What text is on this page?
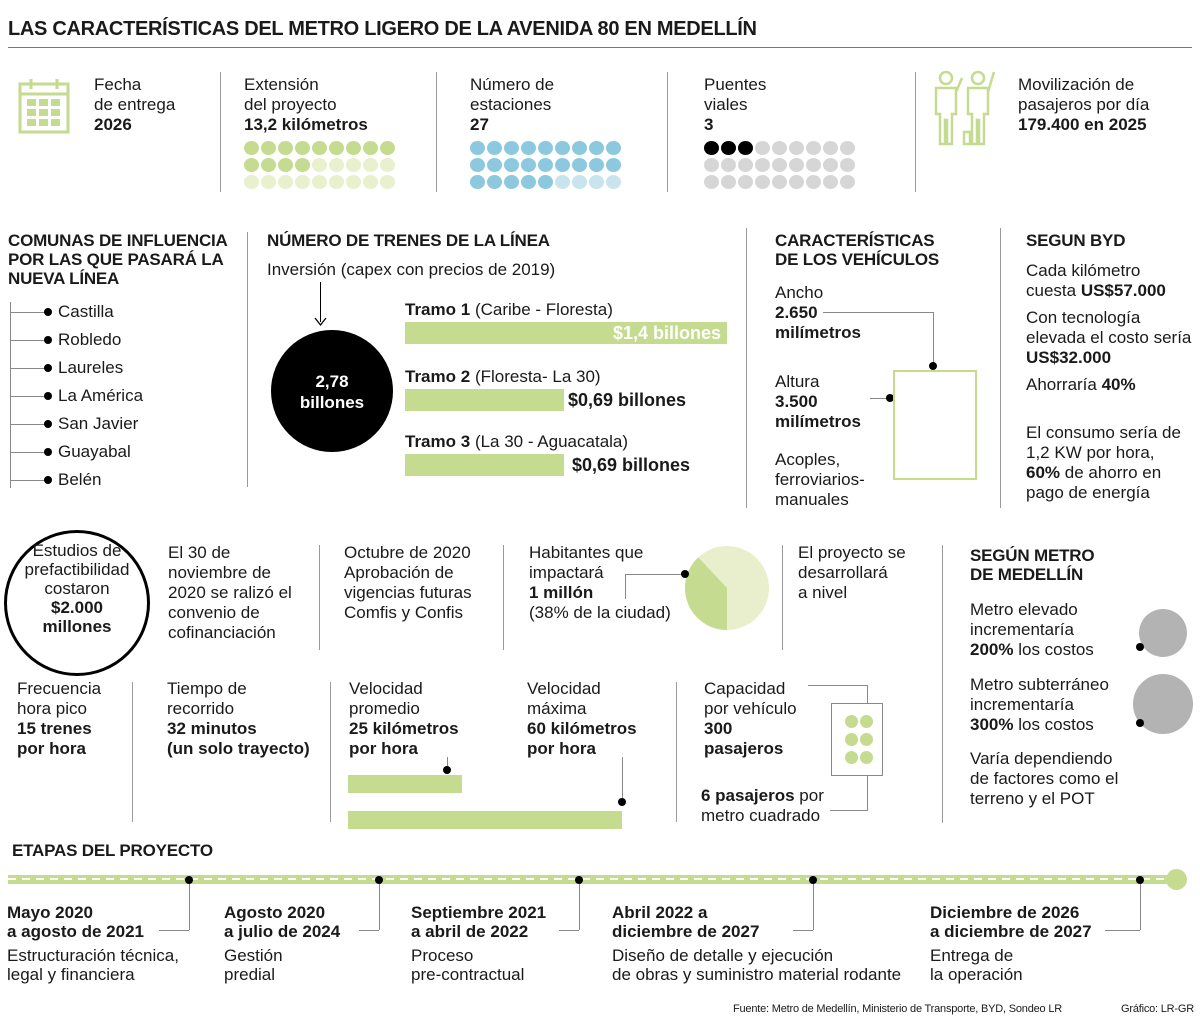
LAS CARACTERÍSTICAS DEL METRO LIGERO DE LA AVENIDA 80 EN MEDELLÍN
Fecha
de entrega
2026
Extensión
del proyecto
13,2 kilómetros
Número de
estaciones
27
Puentes
viales
3
Movilización de
pasajeros por día
179.400 en 2025
COMUNAS DE INFLUENCIA
POR LAS QUE PASARÁ LA
NUEVA LÍNEA
Castilla
Robledo
Laureles
La América
San Javier
Guayabal
Belén
NÚMERO DE TRENES DE LA LÍNEA
Inversión (capex con precios de 2019)
2,78
billones
Tramo 1 (Caribe - Floresta)
$1,4 billones
Tramo 2 (Floresta- La 30)
$0,69 billones
Tramo 3 (La 30 - Aguacatala)
$0,69 billones
CARACTERÍSTICAS
DE LOS VEHÍCULOS
Ancho
2.650
milímetros
Altura
3.500
milímetros
Acoples,
ferroviarios-
manuales
SEGUN BYD
Cada kilómetro
cuesta US$57.000
Con tecnología
elevada el costo sería
US$32.000
Ahorraría 40%
El consumo sería de
1,2 KW por hora,
60% de ahorro en
pago de energía
Estudios de
prefactibilidad
costaron
$2.000
millones
El 30 de
noviembre de
2020 se ralizó el
convenio de
cofinanciación
Octubre de 2020
Aprobación de
vigencias futuras
Comfis y Confis
Habitantes que
impactará
1 millón
(38% de la ciudad)
El proyecto se
desarrollará
a nivel
SEGÚN METRO
DE MEDELLÍN
Metro elevado
incrementaría
200% los costos
Metro subterráneo
incrementaría
300% los costos
Varía dependiendo
de factores como el
terreno y el POT
Frecuencia
hora pico
15 trenes
por hora
Tiempo de
recorrido
32 minutos
(un solo trayecto)
Velocidad
promedio
25 kilómetros
por hora
Velocidad
máxima
60 kilómetros
por hora
Capacidad
por vehículo
300
pasajeros
6 pasajeros por
metro cuadrado
ETAPAS DEL PROYECTO
Mayo 2020
a agosto de 2021
Estructuración técnica,
legal y financiera
Agosto 2020
a julio de 2024
Gestión
predial
Septiembre 2021
a abril de 2022
Proceso
pre-contractual
Abril 2022 a
diciembre de 2027
Diseño de detalle y ejecución
de obras y suministro material rodante
Diciembre de 2026
a diciembre de 2027
Entrega de
la operación
Fuente: Metro de Medellín, Ministerio de Transporte, BYD, Sondeo LR	Gráfico: LR-GR
